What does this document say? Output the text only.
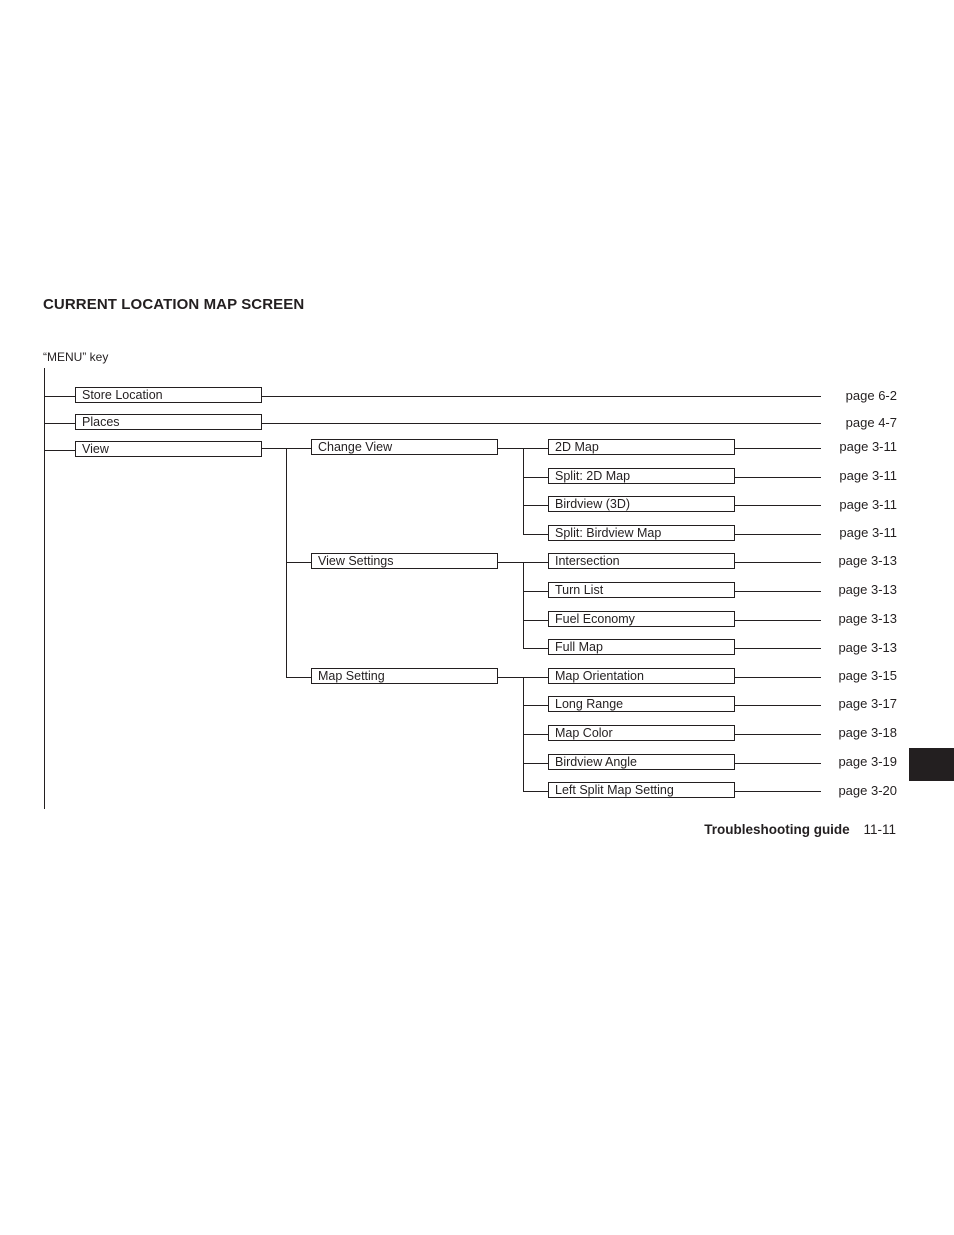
CURRENT LOCATION MAP SCREEN
“MENU” key
Store Location	page 6-2
Places	page 4-7
View	Change View
View Settings
Map Setting
2D Map	page 3-11
Split: 2D Map	page 3-11
Birdview (3D)	page 3-11
Split: Birdview Map	page 3-11
Intersection	page 3-13
Turn List	page 3-13
Fuel Economy	page 3-13
Full Map	page 3-13
Map Orientation	page 3-15
Long Range	page 3-17
Map Color	page 3-18
Birdview Angle	page 3-19
Left Split Map Setting	page 3-20
Troubleshooting guide 11-11
